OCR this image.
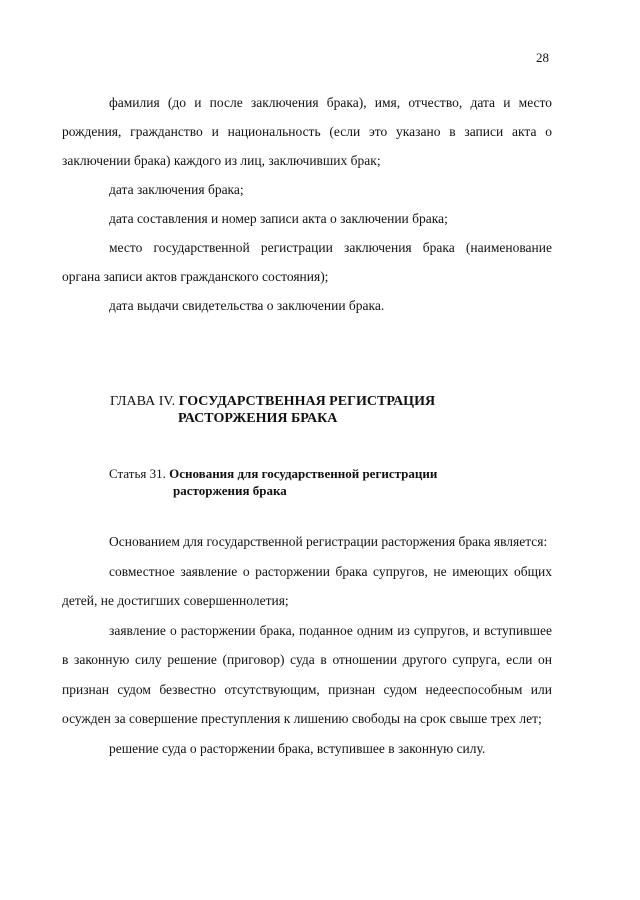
28

фамилия (до и после заключения брака), имя, отчество, дата и место рождения, гражданство и национальность (если это указано в записи акта о заключении брака) каждого из лиц, заключивших брак;

дата заключения брака;

дата составления и номер записи акта о заключении брака;

место государственной регистрации заключения брака (наименование органа записи актов гражданского состояния);

дата выдачи свидетельства о заключении брака.

ГЛАВА IV. ГОСУДАРСТВЕННАЯ РЕГИСТРАЦИЯ
РАСТОРЖЕНИЯ БРАКА
Статья 31. Основания для государственной регистрации
расторжения брака

Основанием для государственной регистрации расторжения брака является:

совместное заявление о расторжении брака супругов, не имеющих общих детей, не достигших совершеннолетия;

заявление о расторжении брака, поданное одним из супругов, и вступившее в законную силу решение (приговор) суда в отношении другого супруга, если он признан судом безвестно отсутствующим, признан судом недееспособным или осужден за совершение преступления к лишению свободы на срок свыше трех лет;

решение суда о расторжении брака, вступившее в законную силу.
